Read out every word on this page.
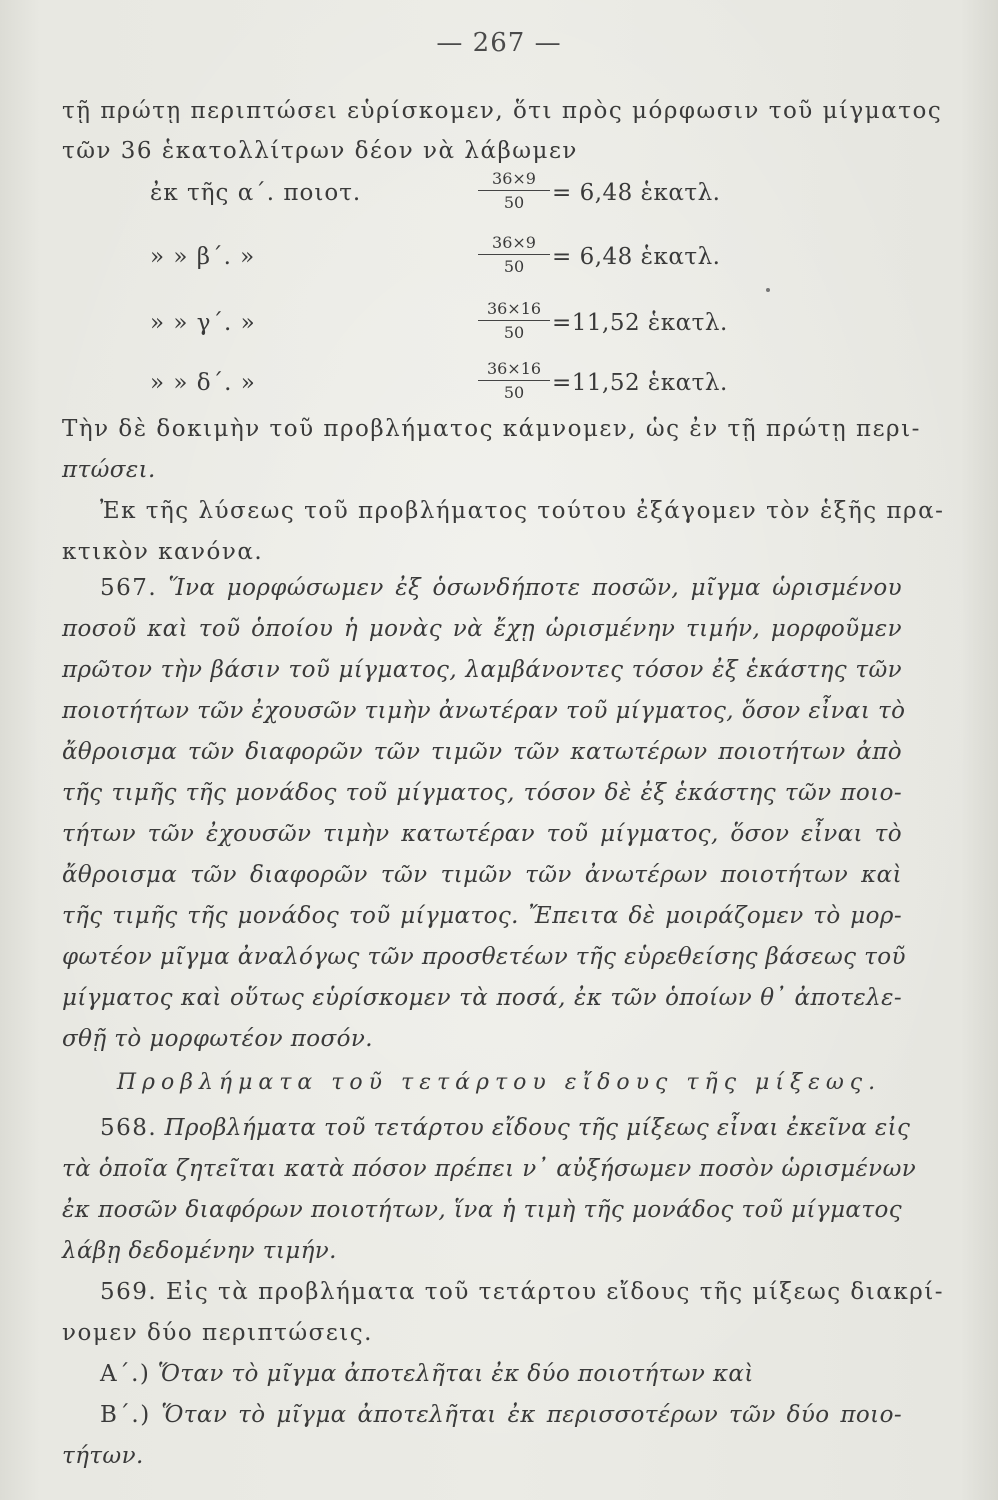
— 267 —
τῇ πρώτῃ περιπτώσει εὑρίσκομεν, ὅτι πρὸς μόρφωσιν τοῦ μίγματος
τῶν 36 ἑκατολλίτρων δέον νὰ λάβωμεν
ἐκ τῆς α΄. ποιοτ.	$\frac{36\times 9}{50} = 6,48$ ἑκατλ.
» » β΄. »	$\frac{36\times 9}{50} = 6,48$ ἑκατλ.
» » γ΄. »	$\frac{36\times 16}{50} =11,52$ ἑκατλ.
» » δ΄. »	$\frac{36\times 16}{50} =11,52$ ἑκατλ.
Τὴν δὲ δοκιμὴν τοῦ προβλήματος κάμνομεν, ὡς ἐν τῇ πρώτῃ περι-
πτώσει.
Ἐκ τῆς λύσεως τοῦ προβλήματος τούτου ἐξάγομεν τὸν ἑξῆς πρα-
κτικὸν κανόνα.
567. Ἵνα μορφώσωμεν ἐξ ὁσωνδήποτε ποσῶν, μῖγμα ὡρισμένου
ποσοῦ καὶ τοῦ ὁποίου ἡ μονὰς νὰ ἔχῃ ὡρισμένην τιμήν, μορφοῦμεν
πρῶτον τὴν βάσιν τοῦ μίγματος, λαμβάνοντες τόσον ἐξ ἑκάστης τῶν
ποιοτήτων τῶν ἐχουσῶν τιμὴν ἀνωτέραν τοῦ μίγματος, ὅσον εἶναι τὸ
ἄθροισμα τῶν διαφορῶν τῶν τιμῶν τῶν κατωτέρων ποιοτήτων ἀπὸ
τῆς τιμῆς τῆς μονάδος τοῦ μίγματος, τόσον δὲ ἐξ ἑκάστης τῶν ποιο-
τήτων τῶν ἐχουσῶν τιμὴν κατωτέραν τοῦ μίγματος, ὅσον εἶναι τὸ
ἄθροισμα τῶν διαφορῶν τῶν τιμῶν τῶν ἀνωτέρων ποιοτήτων καὶ
τῆς τιμῆς τῆς μονάδος τοῦ μίγματος. Ἔπειτα δὲ μοιράζομεν τὸ μορ-
φωτέον μῖγμα ἀναλόγως τῶν προσθετέων τῆς εὑρεθείσης βάσεως τοῦ
μίγματος καὶ οὕτως εὑρίσκομεν τὰ ποσά, ἐκ τῶν ὁποίων θ᾽ ἀποτελε-
σθῇ τὸ μορφωτέον ποσόν.
Προβλήματα τοῦ τετάρτου εἴδους τῆς μίξεως.
568. Προβλήματα τοῦ τετάρτου εἴδους τῆς μίξεως εἶναι ἐκεῖνα εἰς
τὰ ὁποῖα ζητεῖται κατὰ πόσον πρέπει ν᾽ αὐξήσωμεν ποσὸν ὡρισμένων
ἐκ ποσῶν διαφόρων ποιοτήτων, ἵνα ἡ τιμὴ τῆς μονάδος τοῦ μίγματος
λάβῃ δεδομένην τιμήν.
569. Εἰς τὰ προβλήματα τοῦ τετάρτου εἴδους τῆς μίξεως διακρί-
νομεν δύο περιπτώσεις.
Α΄.) Ὅταν τὸ μῖγμα ἀποτελῆται ἐκ δύο ποιοτήτων καὶ
Β΄.) Ὅταν τὸ μῖγμα ἀποτελῆται ἐκ περισσοτέρων τῶν δύο ποιο-
τήτων.
